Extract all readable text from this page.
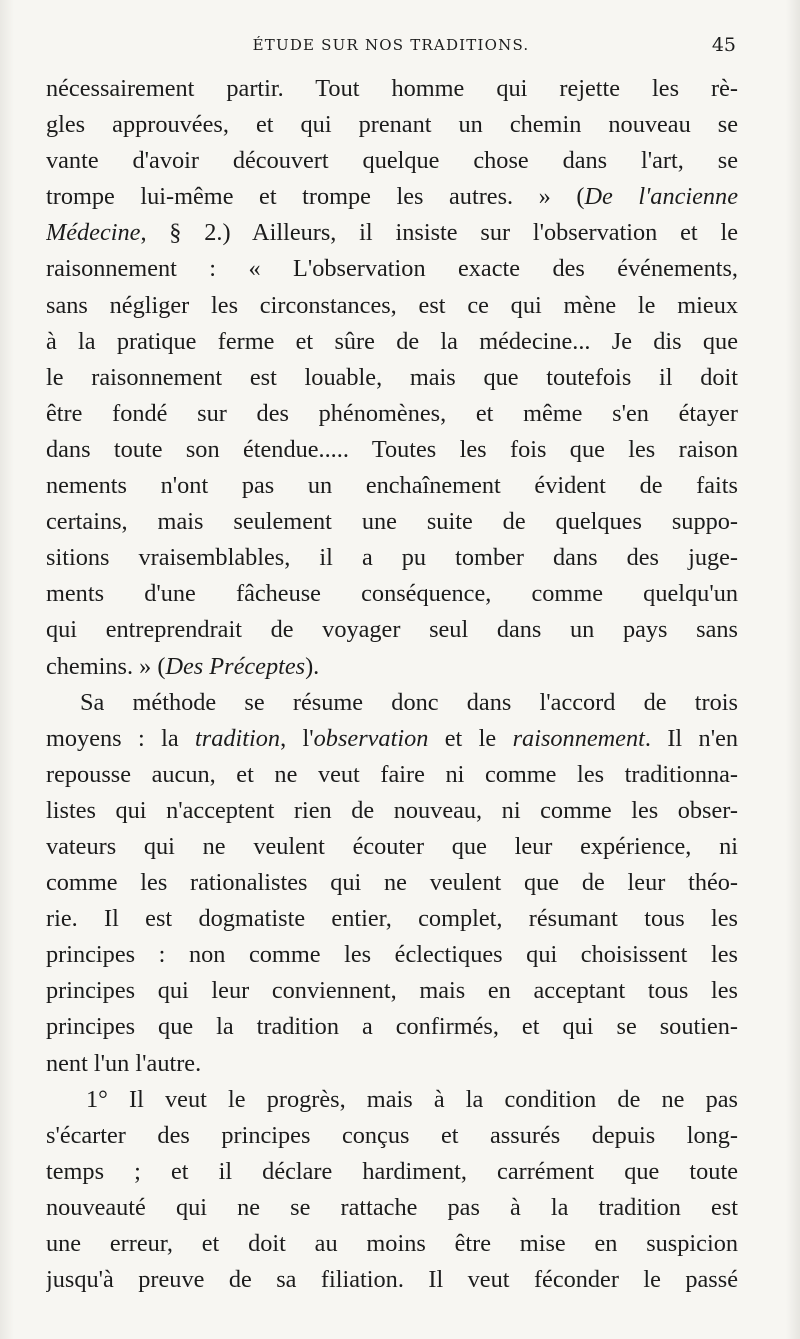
ÉTUDE SUR NOS TRADITIONS.	45
nécessairement partir. Tout homme qui rejette les rè-
gles approuvées, et qui prenant un chemin nouveau se
vante d'avoir découvert quelque chose dans l'art, se
trompe lui-même et trompe les autres. » (De l'ancienne
Médecine, § 2.) Ailleurs, il insiste sur l'observation et le
raisonnement : « L'observation exacte des événements,
sans négliger les circonstances, est ce qui mène le mieux
à la pratique ferme et sûre de la médecine... Je dis que
le raisonnement est louable, mais que toutefois il doit
être fondé sur des phénomènes, et même s'en étayer
dans toute son étendue..... Toutes les fois que les raison
nements n'ont pas un enchaînement évident de faits
certains, mais seulement une suite de quelques suppo-
sitions vraisemblables, il a pu tomber dans des juge-
ments d'une fâcheuse conséquence, comme quelqu'un
qui entreprendrait de voyager seul dans un pays sans
chemins. » (Des Préceptes).
Sa méthode se résume donc dans l'accord de trois
moyens : la tradition, l'observation et le raisonnement. Il n'en
repousse aucun, et ne veut faire ni comme les traditionna-
listes qui n'acceptent rien de nouveau, ni comme les obser-
vateurs qui ne veulent écouter que leur expérience, ni
comme les rationalistes qui ne veulent que de leur théo-
rie. Il est dogmatiste entier, complet, résumant tous les
principes : non comme les éclectiques qui choisissent les
principes qui leur conviennent, mais en acceptant tous les
principes que la tradition a confirmés, et qui se soutien-
nent l'un l'autre.
1° Il veut le progrès, mais à la condition de ne pas
s'écarter des principes conçus et assurés depuis long-
temps ; et il déclare hardiment, carrément que toute
nouveauté qui ne se rattache pas à la tradition est
une erreur, et doit au moins être mise en suspicion
jusqu'à preuve de sa filiation. Il veut féconder le passé
